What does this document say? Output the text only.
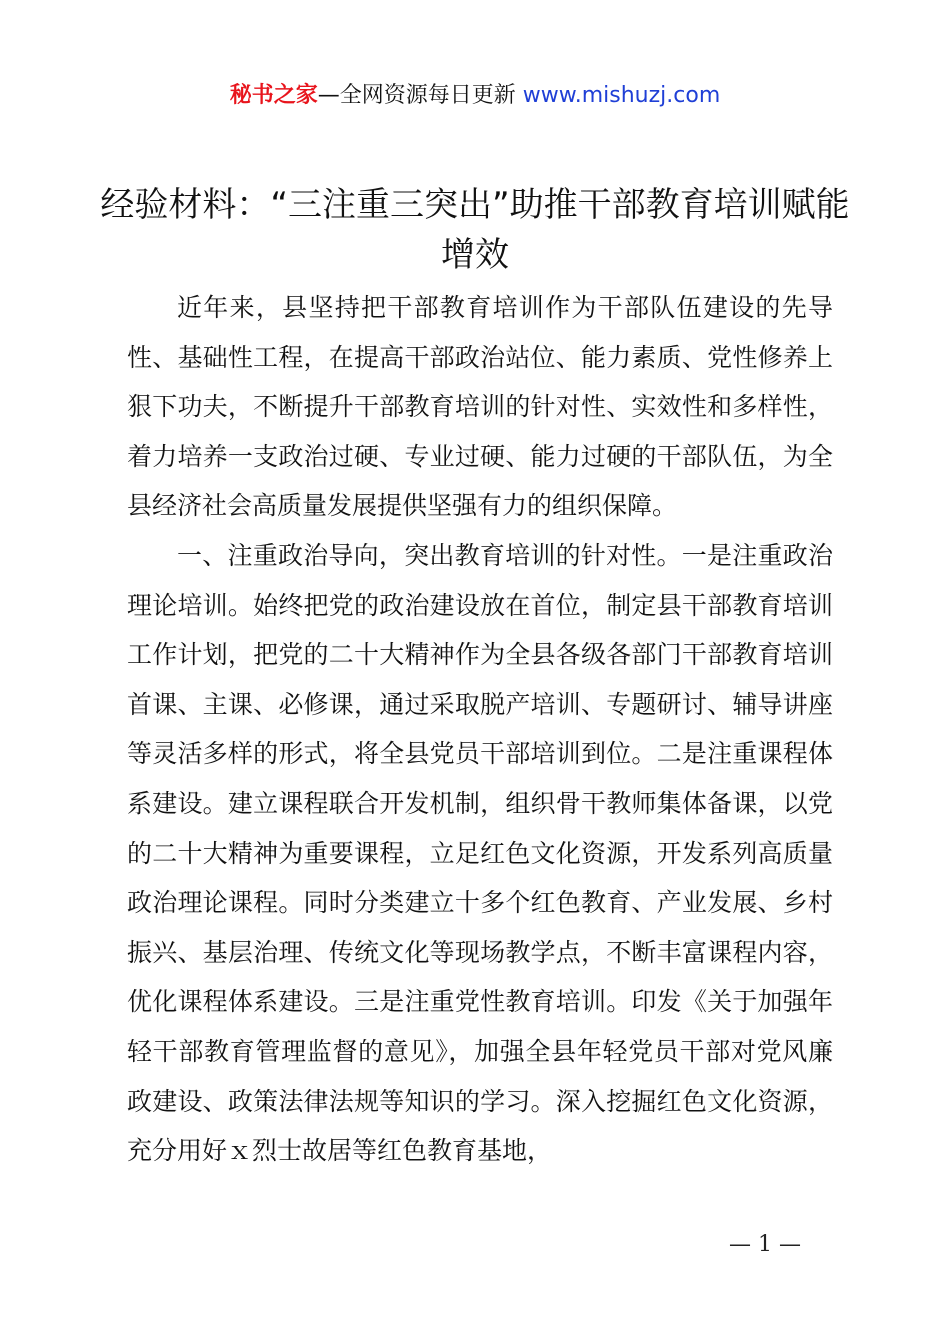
秘书之家—全网资源每日更新 www.mishuzj.com
经验材料：“三注重三突出”助推干部教育培训赋能增效

近年来，县坚持把干部教育培训作为干部队伍建设的先导性、基础性工程，在提高干部政治站位、能力素质、党性修养上狠下功夫，不断提升干部教育培训的针对性、实效性和多样性，着力培养一支政治过硬、专业过硬、能力过硬的干部队伍，为全县经济社会高质量发展提供坚强有力的组织保障。

一、注重政治导向，突出教育培训的针对性。一是注重政治理论培训。始终把党的政治建设放在首位，制定县干部教育培训工作计划，把党的二十大精神作为全县各级各部门干部教育培训首课、主课、必修课，通过采取脱产培训、专题研讨、辅导讲座等灵活多样的形式，将全县党员干部培训到位。二是注重课程体系建设。建立课程联合开发机制，组织骨干教师集体备课，以党的二十大精神为重要课程，立足红色文化资源，开发系列高质量政治理论课程。同时分类建立十多个红色教育、产业发展、乡村振兴、基层治理、传统文化等现场教学点，不断丰富课程内容，优化课程体系建设。三是注重党性教育培训。印发《关于加强年轻干部教育管理监督的意见》，加强全县年轻党员干部对党风廉政建设、政策法律法规等知识的学习。深入挖掘红色文化资源，充分用好ｘ烈士故居等红色教育基地，

— 1 —
